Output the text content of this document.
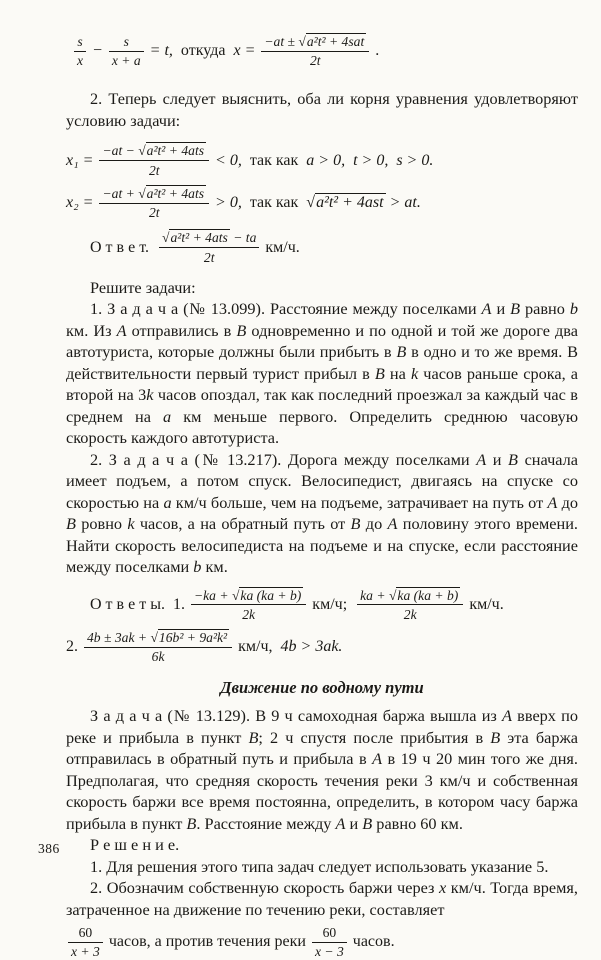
$\frac{s}{x} - \frac{s}{x + a} = t$, откуда $x = \frac{\text{−at ± √a²t² + 4sat}}{2t}$ .

2. Теперь следует выяснить, оба ли корня уравнения удовлетворяют условию задачи:

$x_1 = \frac{\text{−at − √a²t² + 4ats}}{2t} < 0$, так как a > 0,  t > 0,  s > 0.
$x_2 = \frac{\text{−at + √a²t² + 4ats}}{2t} > 0$, так как √a²t² + 4ast > at.
О т в е т. $\frac{\text{√a²t² + 4ats − ta}}{2t} км/ч$.

Решите задачи:

1. З а д а ч а (№ 13.099). Расстояние между поселками A и B равно b км. Из A отправились в B одновременно и по одной и той же дороге два автотуриста, которые должны были прибыть в B в одно и то же время. В действительности первый турист прибыл в B на k часов раньше срока, а второй на 3k часов опоздал, так как последний проезжал за каждый час в среднем на a км меньше первого. Определить среднюю часовую скорость каждого автотуриста.

2. З а д а ч а (№ 13.217). Дорога между поселками A и B сначала имеет подъем, а потом спуск. Велосипедист, двигаясь на спуске со скоростью на a км/ч больше, чем на подъеме, затрачивает на путь от A до B ровно k часов, а на обратный путь от B до A половину этого времени. Найти скорость велосипедиста на подъеме и на спуске, если расстояние между поселками b км.

О т в е т ы. 1. $\frac{-ka + √ka (ka + b)}{2k} км/ч$; $\frac{ka + √ka (ka + b)}{2k} км/ч$.
2. $\frac{\text{4b ± 3ak + √16b² + 9a²k²}}{6k} км/ч$, 4b > 3ak.
Движение по водному пути

З а д а ч а (№ 13.129). В 9 ч самоходная баржа вышла из A вверх по реке и прибыла в пункт B; 2 ч спустя после прибытия в B эта баржа отправилась в обратный путь и прибыла в A в 19 ч 20 мин того же дня. Предполагая, что средняя скорость течения реки 3 км/ч и собственная скорость баржи все время постоянна, определить, в котором часу баржа прибыла в пункт B. Расстояние между A и B равно 60 км.

Р е ш е н и е.

1. Для решения этого типа задач следует использовать указание 5.

2. Обозначим собственную скорость баржи через x км/ч. Тогда время, затраченное на движение по течению реки, составляет

$\frac{60}{x + 3}$ часов, а против течения реки $\frac{60}{x - 3}$ часов.
386
